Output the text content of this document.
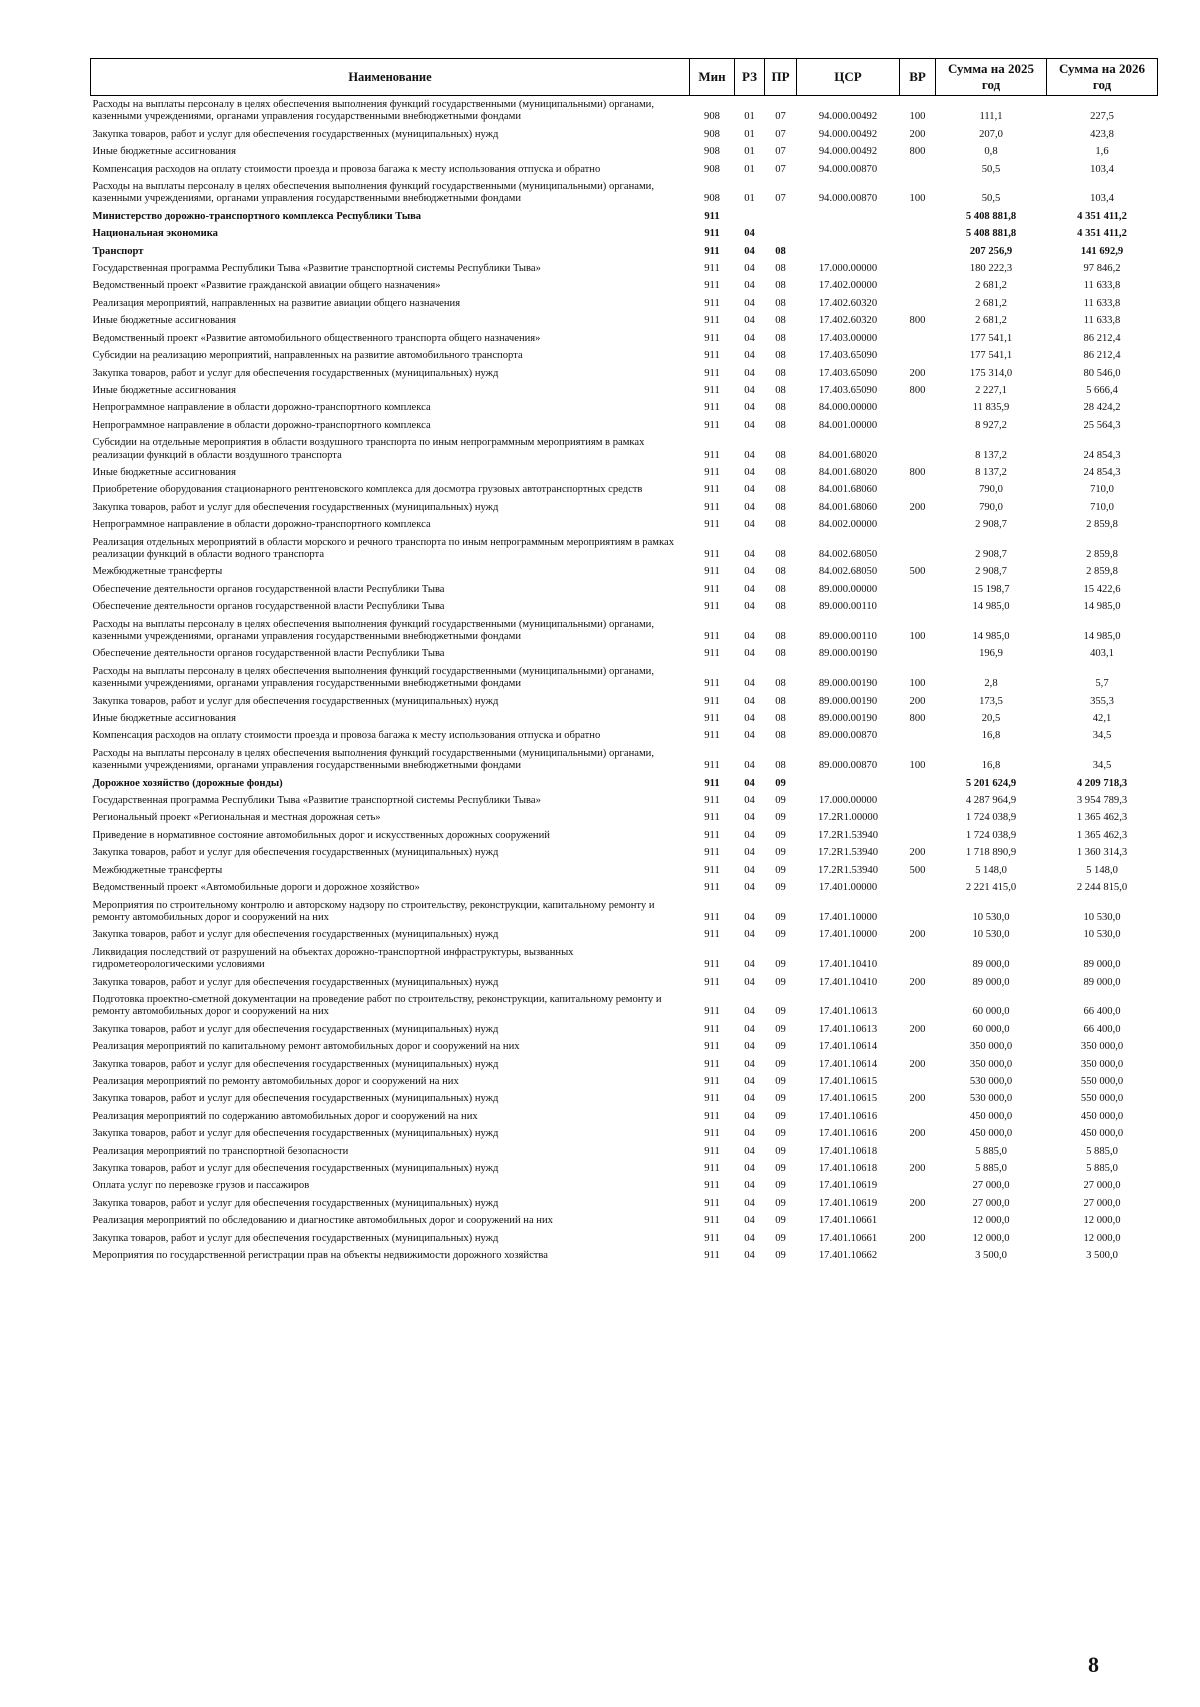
Наименование	Мин	РЗ	ПР	ЦСР	ВР	Сумма на 2025 год	Сумма на 2026 год
Расходы на выплаты персоналу в целях обеспечения выполнения функций государственными (муниципальными) органами, казенными учреждениями, органами управления государственными внебюджетными фондами	908	01	07	94.000.00492	100	111,1	227,5
Закупка товаров, работ и услуг для обеспечения государственных (муниципальных) нужд	908	01	07	94.000.00492	200	207,0	423,8
Иные бюджетные ассигнования	908	01	07	94.000.00492	800	0,8	1,6
Компенсация расходов на оплату стоимости проезда и провоза багажа к месту использования отпуска и обратно	908	01	07	94.000.00870		50,5	103,4
Расходы на выплаты персоналу в целях обеспечения выполнения функций государственными (муниципальными) органами, казенными учреждениями, органами управления государственными внебюджетными фондами	908	01	07	94.000.00870	100	50,5	103,4
Министерство дорожно-транспортного комплекса Республики Тыва	911					5 408 881,8	4 351 411,2
Национальная экономика	911	04				5 408 881,8	4 351 411,2
Транспорт	911	04	08			207 256,9	141 692,9
Государственная программа Республики Тыва «Развитие транспортной системы Республики Тыва»	911	04	08	17.000.00000		180 222,3	97 846,2
Ведомственный проект «Развитие гражданской авиации общего назначения»	911	04	08	17.402.00000		2 681,2	11 633,8
Реализация мероприятий, направленных на развитие авиации общего назначения	911	04	08	17.402.60320		2 681,2	11 633,8
Иные бюджетные ассигнования	911	04	08	17.402.60320	800	2 681,2	11 633,8
Ведомственный проект «Развитие автомобильного общественного транспорта общего назначения»	911	04	08	17.403.00000		177 541,1	86 212,4
Субсидии на реализацию мероприятий, направленных на развитие автомобильного транспорта	911	04	08	17.403.65090		177 541,1	86 212,4
Закупка товаров, работ и услуг для обеспечения государственных (муниципальных) нужд	911	04	08	17.403.65090	200	175 314,0	80 546,0
Иные бюджетные ассигнования	911	04	08	17.403.65090	800	2 227,1	5 666,4
Непрограммное направление в области дорожно-транспортного комплекса	911	04	08	84.000.00000		11 835,9	28 424,2
Непрограммное направление в области дорожно-транспортного комплекса	911	04	08	84.001.00000		8 927,2	25 564,3
Субсидии на отдельные мероприятия в области воздушного транспорта по иным непрограммным мероприятиям в рамках реализации функций в области воздушного транспорта	911	04	08	84.001.68020		8 137,2	24 854,3
Иные бюджетные ассигнования	911	04	08	84.001.68020	800	8 137,2	24 854,3
Приобретение оборудования стационарного рентгеновского комплекса для досмотра грузовых автотранспортных средств	911	04	08	84.001.68060		790,0	710,0
Закупка товаров, работ и услуг для обеспечения государственных (муниципальных) нужд	911	04	08	84.001.68060	200	790,0	710,0
Непрограммное направление в области дорожно-транспортного комплекса	911	04	08	84.002.00000		2 908,7	2 859,8
Реализация отдельных мероприятий в области морского и речного транспорта по иным непрограммным мероприятиям в рамках реализации функций в области водного транспорта	911	04	08	84.002.68050		2 908,7	2 859,8
Межбюджетные трансферты	911	04	08	84.002.68050	500	2 908,7	2 859,8
Обеспечение деятельности органов государственной власти Республики Тыва	911	04	08	89.000.00000		15 198,7	15 422,6
Обеспечение деятельности органов государственной власти Республики Тыва	911	04	08	89.000.00110		14 985,0	14 985,0
Расходы на выплаты персоналу в целях обеспечения выполнения функций государственными (муниципальными) органами, казенными учреждениями, органами управления государственными внебюджетными фондами	911	04	08	89.000.00110	100	14 985,0	14 985,0
Обеспечение деятельности органов государственной власти Республики Тыва	911	04	08	89.000.00190		196,9	403,1
Расходы на выплаты персоналу в целях обеспечения выполнения функций государственными (муниципальными) органами, казенными учреждениями, органами управления государственными внебюджетными фондами	911	04	08	89.000.00190	100	2,8	5,7
Закупка товаров, работ и услуг для обеспечения государственных (муниципальных) нужд	911	04	08	89.000.00190	200	173,5	355,3
Иные бюджетные ассигнования	911	04	08	89.000.00190	800	20,5	42,1
Компенсация расходов на оплату стоимости проезда и провоза багажа к месту использования отпуска и обратно	911	04	08	89.000.00870		16,8	34,5
Расходы на выплаты персоналу в целях обеспечения выполнения функций государственными (муниципальными) органами, казенными учреждениями, органами управления государственными внебюджетными фондами	911	04	08	89.000.00870	100	16,8	34,5
Дорожное хозяйство (дорожные фонды)	911	04	09			5 201 624,9	4 209 718,3
Государственная программа Республики Тыва «Развитие транспортной системы Республики Тыва»	911	04	09	17.000.00000		4 287 964,9	3 954 789,3
Региональный проект «Региональная и местная дорожная сеть»	911	04	09	17.2R1.00000		1 724 038,9	1 365 462,3
Приведение в нормативное состояние автомобильных дорог и искусственных дорожных сооружений	911	04	09	17.2R1.53940		1 724 038,9	1 365 462,3
Закупка товаров, работ и услуг для обеспечения государственных (муниципальных) нужд	911	04	09	17.2R1.53940	200	1 718 890,9	1 360 314,3
Межбюджетные трансферты	911	04	09	17.2R1.53940	500	5 148,0	5 148,0
Ведомственный проект «Автомобильные дороги и дорожное хозяйство»	911	04	09	17.401.00000		2 221 415,0	2 244 815,0
Мероприятия по строительному контролю и авторскому надзору по строительству, реконструкции, капитальному ремонту и ремонту автомобильных дорог и сооружений на них	911	04	09	17.401.10000		10 530,0	10 530,0
Закупка товаров, работ и услуг для обеспечения государственных (муниципальных) нужд	911	04	09	17.401.10000	200	10 530,0	10 530,0
Ликвидация последствий от разрушений на объектах дорожно-транспортной инфраструктуры, вызванных гидрометеорологическими условиями	911	04	09	17.401.10410		89 000,0	89 000,0
Закупка товаров, работ и услуг для обеспечения государственных (муниципальных) нужд	911	04	09	17.401.10410	200	89 000,0	89 000,0
Подготовка проектно-сметной документации на проведение работ по строительству, реконструкции, капитальному ремонту и ремонту автомобильных дорог и сооружений на них	911	04	09	17.401.10613		60 000,0	66 400,0
Закупка товаров, работ и услуг для обеспечения государственных (муниципальных) нужд	911	04	09	17.401.10613	200	60 000,0	66 400,0
Реализация мероприятий по капитальному ремонт автомобильных дорог и сооружений на них	911	04	09	17.401.10614		350 000,0	350 000,0
Закупка товаров, работ и услуг для обеспечения государственных (муниципальных) нужд	911	04	09	17.401.10614	200	350 000,0	350 000,0
Реализация мероприятий по ремонту автомобильных дорог и сооружений на них	911	04	09	17.401.10615		530 000,0	550 000,0
Закупка товаров, работ и услуг для обеспечения государственных (муниципальных) нужд	911	04	09	17.401.10615	200	530 000,0	550 000,0
Реализация мероприятий по содержанию автомобильных дорог и сооружений на них	911	04	09	17.401.10616		450 000,0	450 000,0
Закупка товаров, работ и услуг для обеспечения государственных (муниципальных) нужд	911	04	09	17.401.10616	200	450 000,0	450 000,0
Реализация мероприятий по транспортной безопасности	911	04	09	17.401.10618		5 885,0	5 885,0
Закупка товаров, работ и услуг для обеспечения государственных (муниципальных) нужд	911	04	09	17.401.10618	200	5 885,0	5 885,0
Оплата услуг по перевозке грузов и пассажиров	911	04	09	17.401.10619		27 000,0	27 000,0
Закупка товаров, работ и услуг для обеспечения государственных (муниципальных) нужд	911	04	09	17.401.10619	200	27 000,0	27 000,0
Реализация мероприятий по обследованию и диагностике автомобильных дорог и сооружений на них	911	04	09	17.401.10661		12 000,0	12 000,0
Закупка товаров, работ и услуг для обеспечения государственных (муниципальных) нужд	911	04	09	17.401.10661	200	12 000,0	12 000,0
Мероприятия по государственной регистрации прав на объекты недвижимости дорожного хозяйства	911	04	09	17.401.10662		3 500,0	3 500,0
8
